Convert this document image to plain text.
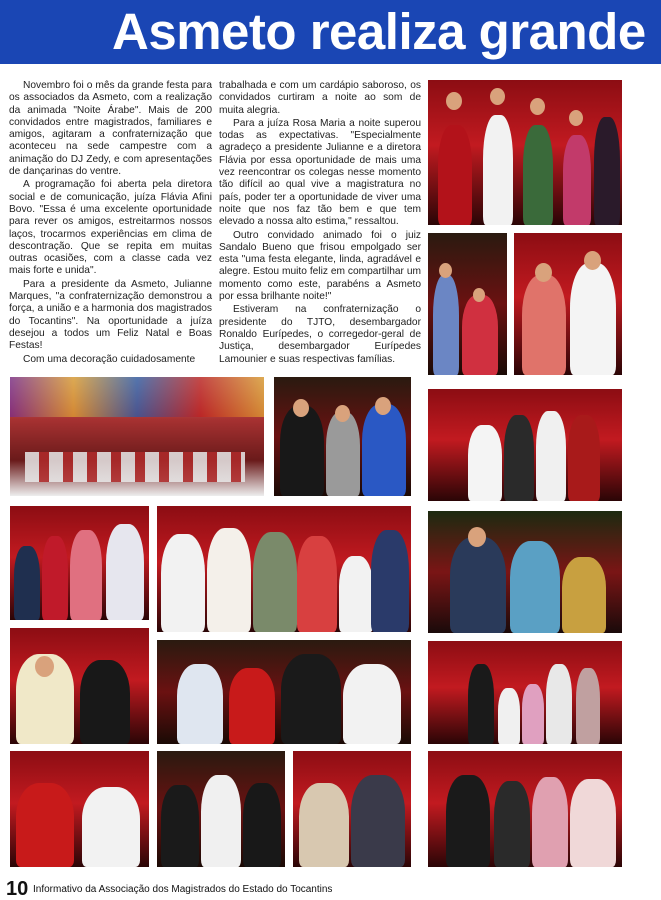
Asmeto realiza grande

Novembro foi o mês da grande festa para os associados da Asmeto, com a realização da animada "Noite Árabe". Mais de 200 convidados entre magistrados, familiares e amigos, agitaram a confraternização que aconteceu na sede campestre com a animação do DJ Zedy, e com apresentações de dançarinas do ventre.

A programação foi aberta pela diretora social e de comunicação, juíza Flávia Afini Bovo. "Essa é uma excelente oportunidade para rever os amigos, estreitarmos nossos laços, trocarmos experiências em clima de descontração. Que se repita em muitas outras ocasiões, com a classe cada vez mais forte e unida".

Para a presidente da Asmeto, Julianne Marques, "a confraternização demonstrou a força, a união e a harmonia dos magistrados do Tocantins". Na oportunidade a juíza desejou a todos um Feliz Natal e Boas Festas!

Com uma decoração cuidadosamente

trabalhada e com um cardápio saboroso, os convidados curtiram a noite ao som de muita alegria.

Para a juíza Rosa Maria a noite superou todas as expectativas. "Especialmente agradeço a presidente Julianne e a diretora Flávia por essa oportunidade de mais uma vez reencontrar os colegas nesse momento tão difícil ao qual vive a magistratura no país, poder ter a oportunidade de viver uma noite que nos faz tão bem e que tem elevado a nossa alto estima," ressaltou.

Outro convidado animado foi o juiz Sandalo Bueno que frisou empolgado ser esta "uma festa elegante, linda, agradável e alegre. Estou muito feliz em compartilhar um momento como este, parabéns a Asmeto por essa brilhante noite!"

Estiveram na confraternização o presidente do TJTO, desembargador Ronaldo Eurípedes, o corregedor-geral de Justiça, desembargador Eurípedes Lamounier e suas respectivas famílias.

10 Informativo da Associação dos Magistrados do Estado do Tocantins
